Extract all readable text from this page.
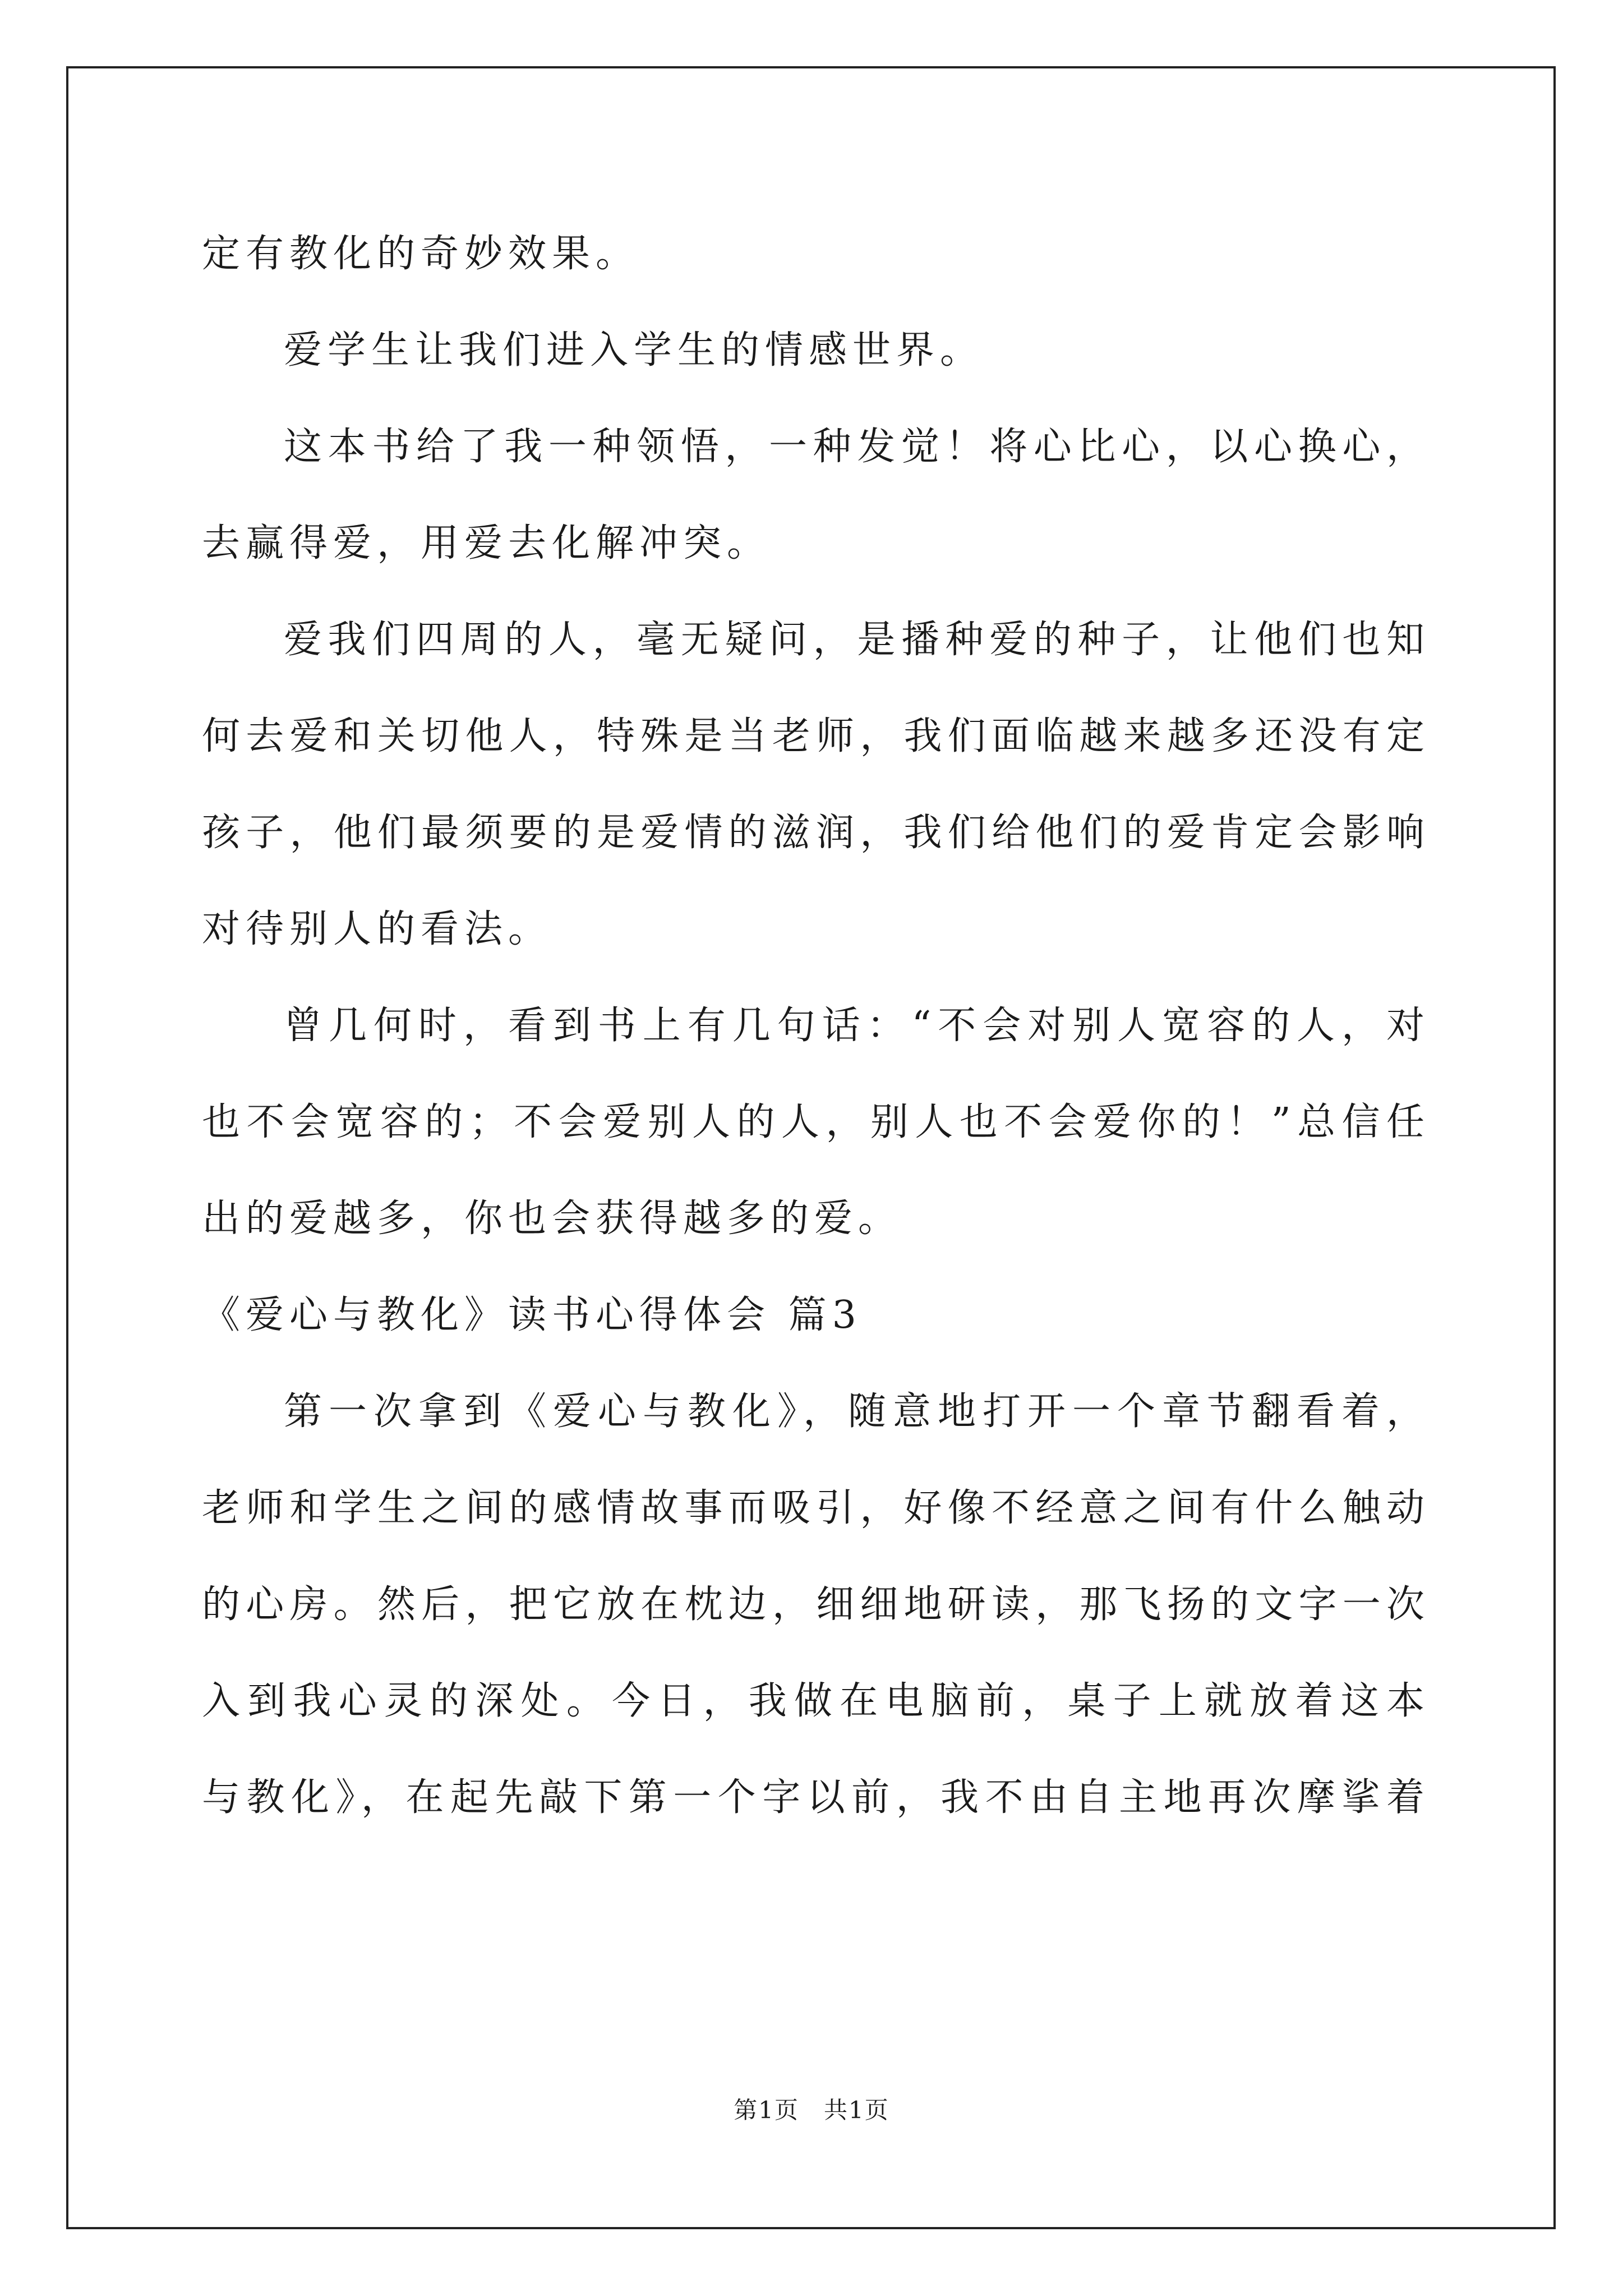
定有教化的奇妙效果。
爱学生让我们进入学生的情感世界。
这本书给了我一种领悟，一种发觉！将心比心，以心换心，
去赢得爱，用爱去化解冲突。
爱我们四周的人，毫无疑问，是播种爱的种子，让他们也知
何去爱和关切他人，特殊是当老师，我们面临越来越多还没有定
孩子，他们最须要的是爱情的滋润，我们给他们的爱肯定会影响
对待别人的看法。
曾几何时，看到书上有几句话：“不会对别人宽容的人，对
也不会宽容的；不会爱别人的人，别人也不会爱你的！”总信任
出的爱越多，你也会获得越多的爱。
《爱心与教化》读书心得体会 篇3
第一次拿到《爱心与教化》，随意地打开一个章节翻看着，
老师和学生之间的感情故事而吸引，好像不经意之间有什么触动
的心房。然后，把它放在枕边，细细地研读，那飞扬的文字一次
入到我心灵的深处。今日，我做在电脑前，桌子上就放着这本
与教化》，在起先敲下第一个字以前，我不由自主地再次摩挲着
第1页　共1页
